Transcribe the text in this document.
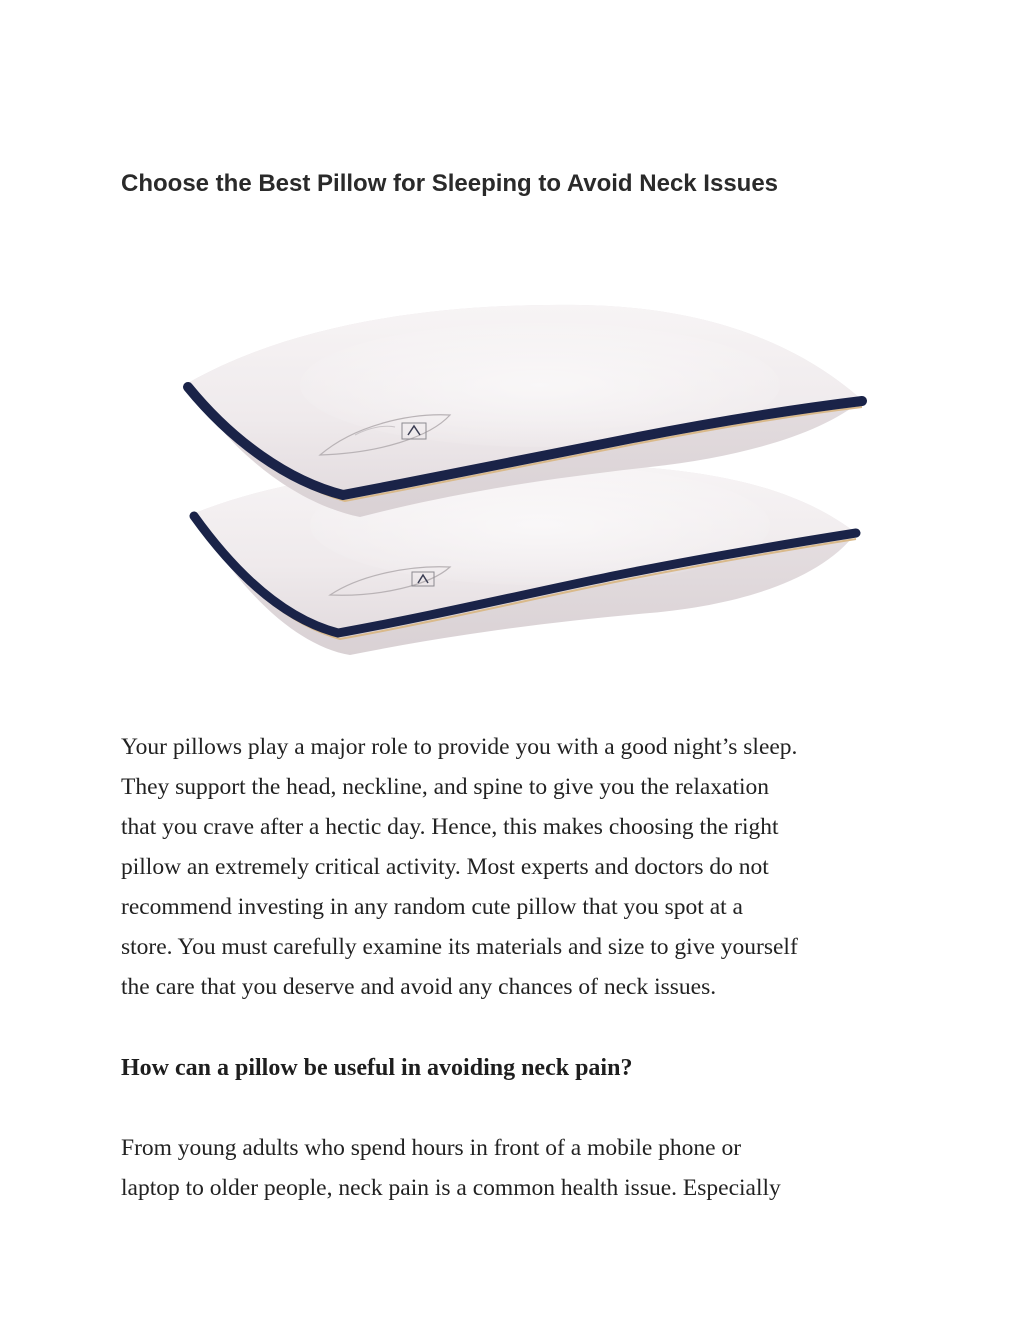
Choose the Best Pillow for Sleeping to Avoid Neck Issues

Your pillows play a major role to provide you with a good night’s sleep.
They support the head, neckline, and spine to give you the relaxation
that you crave after a hectic day. Hence, this makes choosing the right
pillow an extremely critical activity. Most experts and doctors do not
recommend investing in any random cute pillow that you spot at a
store. You must carefully examine its materials and size to give yourself
the care that you deserve and avoid any chances of neck issues.

How can a pillow be useful in avoiding neck pain?

From young adults who spend hours in front of a mobile phone or
laptop to older people, neck pain is a common health issue. Especially
